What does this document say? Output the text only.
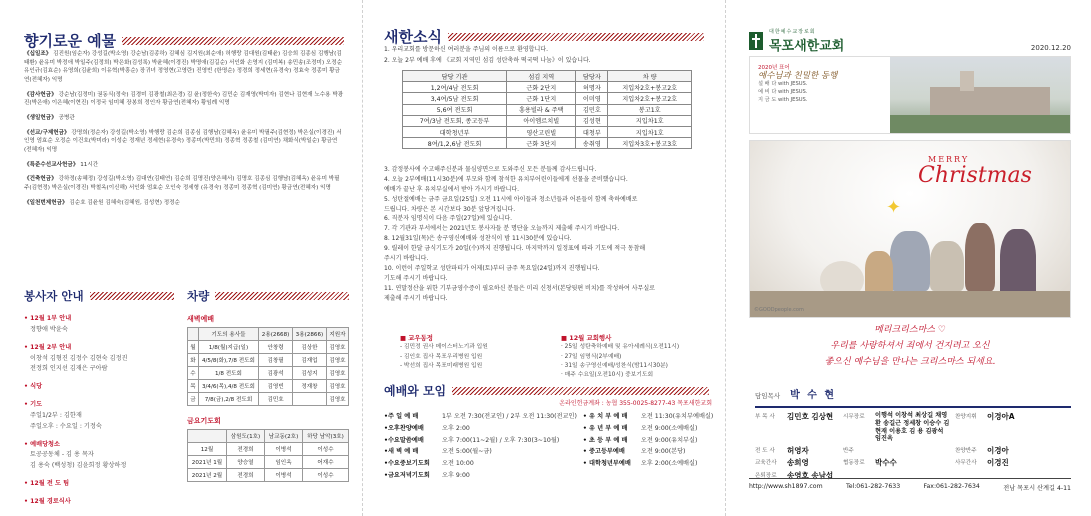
향기로운 예물
《십일조》 김진원(임순자) 강성길(박소영) 강순남(김종하) 김혜심 김지원(최순애) 허행랑 김대원(김태윤) 김승희 김종심 김행남(김태환) 윤유미 박정애 박일주(김정희) 박은화(김성록) 박윤혜(이경진) 박명애(김길순) 서인화 손영지 (김미복) 송민송(조정미) 오정순 유인규(김효순) 유영희(김윤희) 이유혁(박흥순) 장귀녀 정영현(고영란) 진영빈 (한명순) 정경희 정세현(유경숙) 정효숙 정종미 황금연(전혜자) 익명
《감사헌금》 강순남(김정미) 권동식(정숙) 김경미 김광철(최은경) 김 윤(정한숙) 김민순 김재영(박미자) 김현나 김현재 노수용 박광진(박은애) 이은혜(이현진) 이정국 임미혜 장봉희 정인자 황금연(전혜자) 황임례 익명
《생일헌금》 공병관
《선교/구제헌금》 강명희(정순자) 강성길(박소영) 박행랑 김순희 김종심 김행남(김혜옥) 윤유미 박필주(김현정) 박은실(이경진) 서인영 엄효순 오정순 이건호(박미라) 이성순 정재년 정세현(유경숙) 정종미(박민희) 정종혁 정종철 (김미연) 채화식(박일순) 황금연(전혜자) 익명
《특준수선교사헌금》 11시간
《건축헌금》 강하정(송혜정) 강성길(박소영) 김대연(김태연) 김순희 김명진(양은혜서) 김명호 김종심 김행남(김혜옥) 윤유미 박필주(김현정) 박은실(이경진) 박철옥(이신해) 서인화 엄효순 오인숙 정세형 (유경숙) 정종미 정종혁 (김미연) 황금연(전혜자) 익명
《일천번제헌금》 김순호 김윤원 김혜숙(김혜원, 김성현) 정정순
봉사자 안내
• 12월 1부 안내
정향애 박윤숙
• 12월 2부 안내
이창석 김형진 김정수 김현숙 김정진
전정희 인지선 김재은 구아람
• 식당
• 기도
주일1/2부 : 김한재
주일오후 : 수요일 : 기정숙
• 예배당청소
토공공동체 - 김 용 목자
김 용숙 (백성청) 김윤희정 황상하정
• 12월 전 도 팀
• 12월 경로식사
차량
새벽예배
	기도의 용사들	2용(2668)	3용(2866)	지원자
월	1/8(월)지급(일)	안창령	김상한	김영호
화	4/5/8(화),7/8 전도회	김창필	김재업	김영호
수	1/8 전도회	김광석	김성지	김영호
목	3/4/6(목),4/8 전도회	김영빈	정재창	김영호
금	7/8(금),2/8 전도회	김민호		김영호
금요기도회
	삼원도(1호)	남교동(2호)	하당 남악(3호)
12월	전경희	이병석	이성수
2021년 1월	양승열	임인옥	어재수
2021년 2월	전경희	이병석	이성수
새한소식
1. 우리교회를 방문하신 여러분을 주님의 이름으로 환영합니다.
2. 오늘 2부 예배 후에 《교회 지역민 섬김 성탄축하 떡국떡 나눔》이 있습니다.
담당 기관	섬김 지역	담당자	차 량
1,2여/4남 전도회	근화 2단지	허명자	지입차2호+봉고2호
3,4여/5남 전도회	근화 1단지	이미영	지입차2호+봉고2호
5,6여 전도회	흥용빌라 & 주택	김민호	봉고1호
7여/3남 전도회, 종고등부	아이엠르치빌	김성현	지입차1호
대학청년부	영산고린빌	대청부	지입차1호
8여/1,2,6남 전도회	근화 3단지	송취영	지입차3호+봉고3호
3. 감정봉사에 수고해주신분과 물심양면으로 도와주신 모든 분들께 감사드립니다.
4. 오늘 2부예배(11시30분)에 부모와 함께 참석한 유치부어린이들에게 선물을 준비했습니다.
예배가 끝난 후 유치부실에서 받아 가시기 바랍니다.
5. 성탄절예배는 금주 금요일(25일) 오전 11시에 아이들과 청소년들과 어른들이 함께 축하예배로
드립니다. 차량은 본 시간보다 30분 앞당겨집니다.
6. 직분자 임명식이 다음 주일(27일)에 있습니다.
7. 각 기관과 부서에서는 2021년도 봉사자들 분 명단을 오늘까지 제출해 주시기 바랍니다.
8. 12월31일(목)은 송구영신예배와 성찬식이 밤 11시30분에 있습니다.
9. 릴레이 한달 금식기도가 20일(수)까지 진행됩니다. 마지막까지 일정표에 따라 기도에 적극 동참해
주시기 바랍니다.
10. 이런이 주일학교 성탄파티가 어제(토)부터 금주 목요일(24일)까지 진행됩니다.
기도해 주시기 바랍니다.
11. 연말정산을 위한 기부금영수증이 필요하신 분들은 미리 신청서(본당뒷편 비치)를 작성하여 사무실로
제출해 주시기 바랍니다.
■ 교우동정
- 김민정 권사 메이스터노기과 입원
- 김인호 집사 목포우리병원 입원
- 박선희 집사 목포미래병원 입원
■ 12월 교회행사
· 25일 성탄축하예배 및 유아세례식(오전11시)
· 27일 임명식(2부예배)
· 31일 송구영신예배/성찬식(밤11시30분)
· 매주 수요일(오전10시) 중보기도회
예배와 모임
온라인헌금계좌 : 농협 355-0025-8277-43 목포새한교회
•주 일 예 배	1부 오전 7:30(전교인) / 2부 오전 11:30(전교인)
•오후찬양예배	오후 2:00
•수요말씀예배	오후 7:00(11~2월) / 오후 7:30(3~10월)
•새 벽 예 배	오전 5:00(월~금)
•수요중보기도회 오전 10:00
•금요저녁기도회 오후 9:00
• 유 치 부 예 배 오전 11:30(유치부예배실)
• 유 년 부 예 배 오전 9:00(소예배실)
• 초 등 부 예 배 오전 9:00(유치부실)
• 중고등부예배	오전 9:00(본당)
• 대학청년부예배 오후 2:00(소예배실)
대한예수교장로회
목포새한교회	2020.12.20
2020년 표어
예수님과 친밀한 동행
설 배 다 with JESUS.
예 비 다 with JESUS.
지 금 도 with JESUS.
MERRY
Christmas
✦
©GOODpeople.com
메리크리스마스 ♡
우리를 사랑하셔서 죄에서 건지려고 오신
좋으신 예수님을 만나는 크리스마스 되세요.
담임목사 박 수 현
부 목 사	김민호 김상현	시무장로	이행석 이창석 최상길 채영환 송길근 정세창 이승수 김현재 이용호 김 용 김광석 임진옥
찬양지휘	이경아A
전 도 사	허영자	반주	찬양반주	이경아
교육간사	송희영	협동장로	박수수	사무간사	이경진
은퇴장로	송영호 송남섭
http://www.sh1897.com	Tel:061-282-7633	Fax:061-282-7634	전남 목포시 산계길 4-11
